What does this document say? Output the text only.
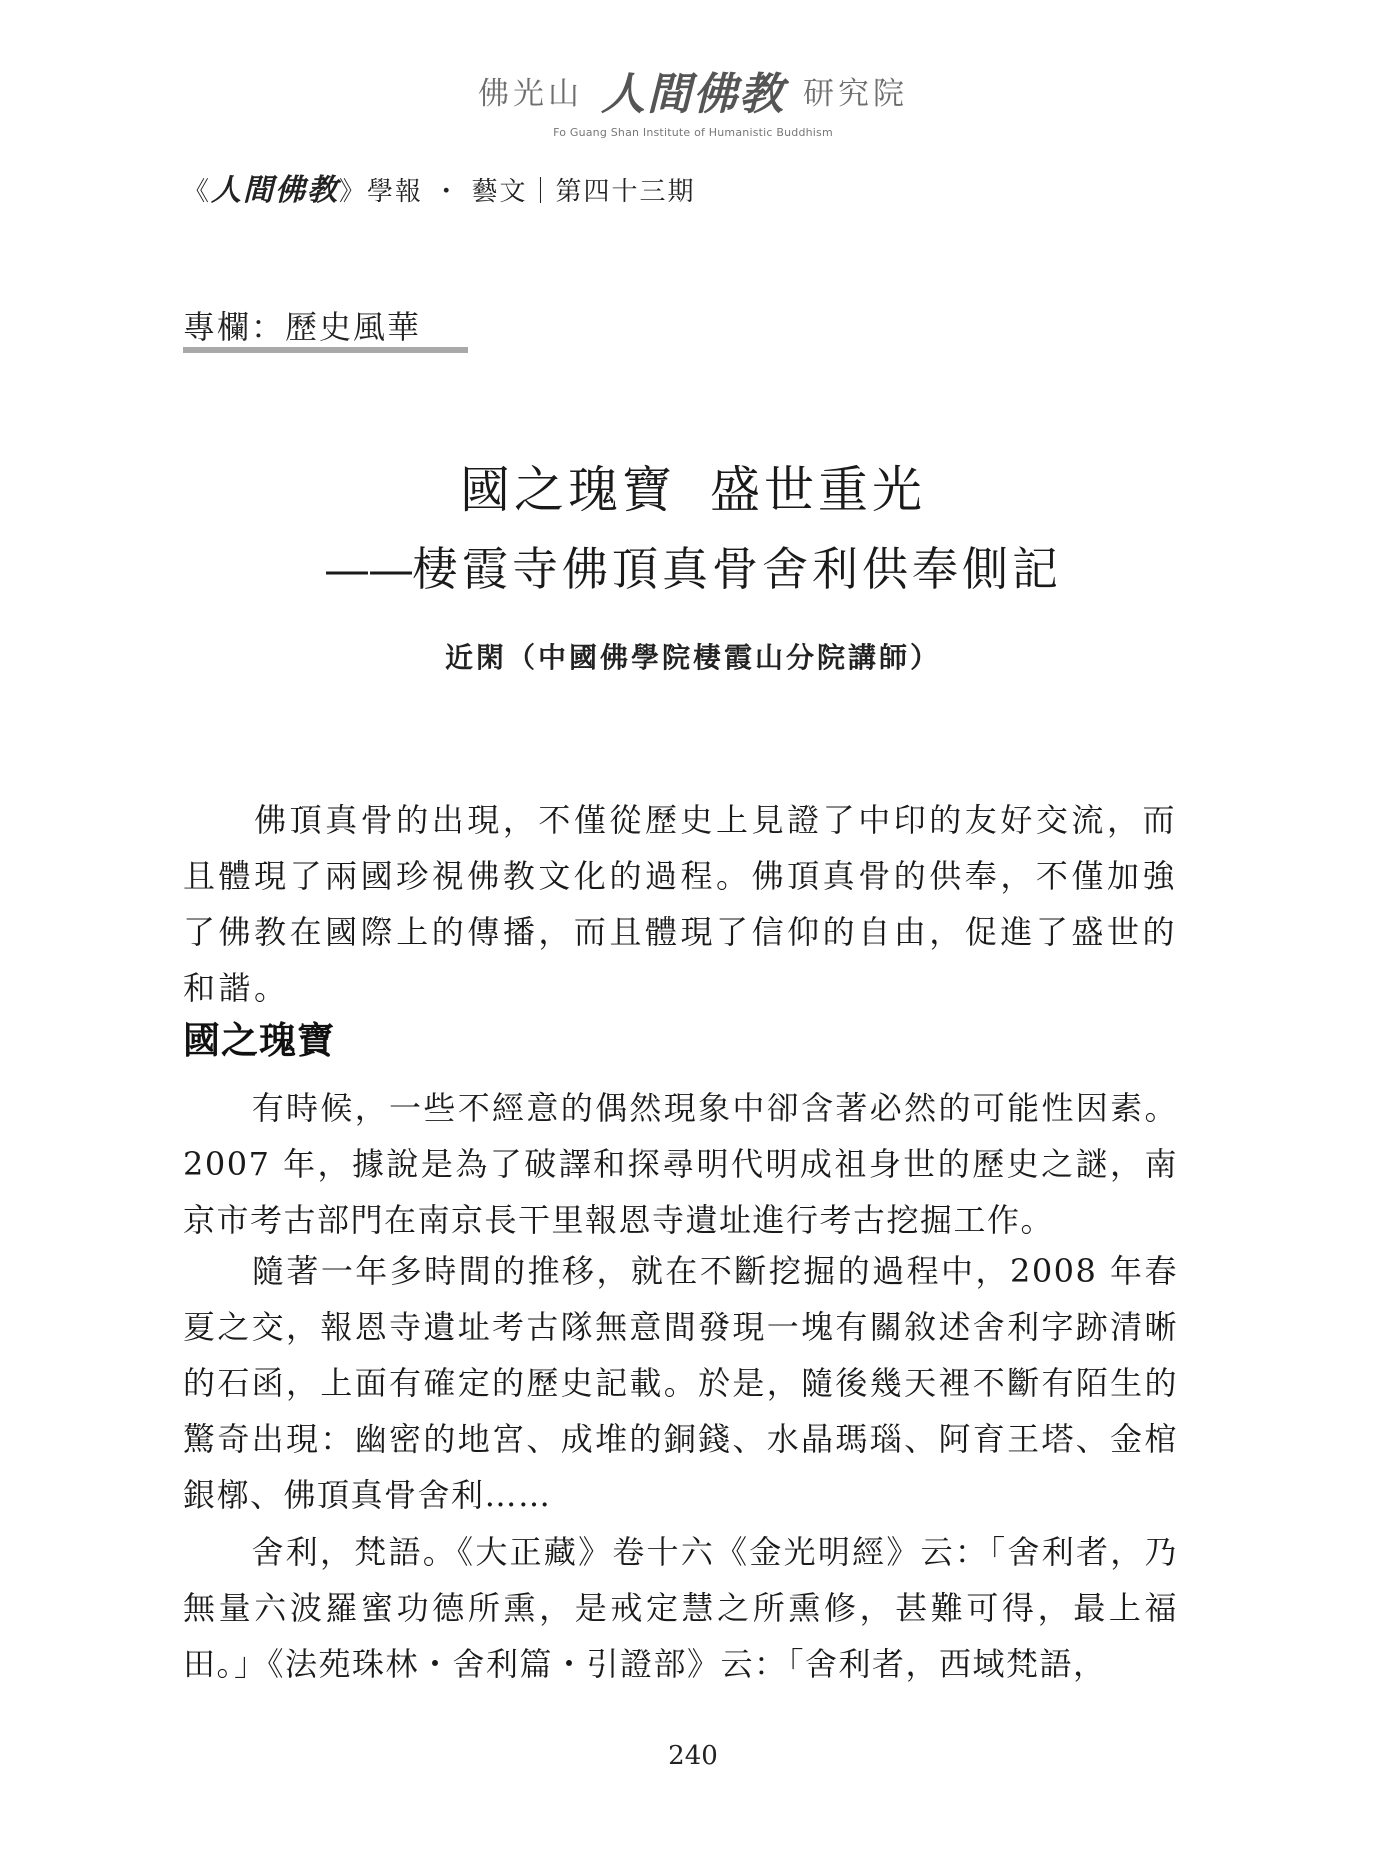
佛光山 人間佛教 研究院
Fo Guang Shan Institute of Humanistic Buddhism
《人間佛教》學報 ・ 藝文｜第四十三期
專欄：歷史風華
國之瑰寶 盛世重光
——棲霞寺佛頂真骨舍利供奉側記
近閑（中國佛學院棲霞山分院講師）
　　佛頂真骨的出現，不僅從歷史上見證了中印的友好交流，而且體現了兩國珍視佛教文化的過程。佛頂真骨的供奉，不僅加強了佛教在國際上的傳播，而且體現了信仰的自由，促進了盛世的和諧。
國之瑰寶
　　有時候，一些不經意的偶然現象中卻含著必然的可能性因素。2007 年，據說是為了破譯和探尋明代明成祖身世的歷史之謎，南京市考古部門在南京長干里報恩寺遺址進行考古挖掘工作。
　　隨著一年多時間的推移，就在不斷挖掘的過程中，2008 年春夏之交，報恩寺遺址考古隊無意間發現一塊有關敘述舍利字跡清晰的石函，上面有確定的歷史記載。於是，隨後幾天裡不斷有陌生的驚奇出現：幽密的地宮、成堆的銅錢、水晶瑪瑙、阿育王塔、金棺銀槨、佛頂真骨舍利……
　　舍利，梵語。《大正藏》卷十六《金光明經》云：「舍利者，乃無量六波羅蜜功德所熏，是戒定慧之所熏修，甚難可得，最上福田。」《法苑珠林・舍利篇・引證部》云：「舍利者，西域梵語，
240
